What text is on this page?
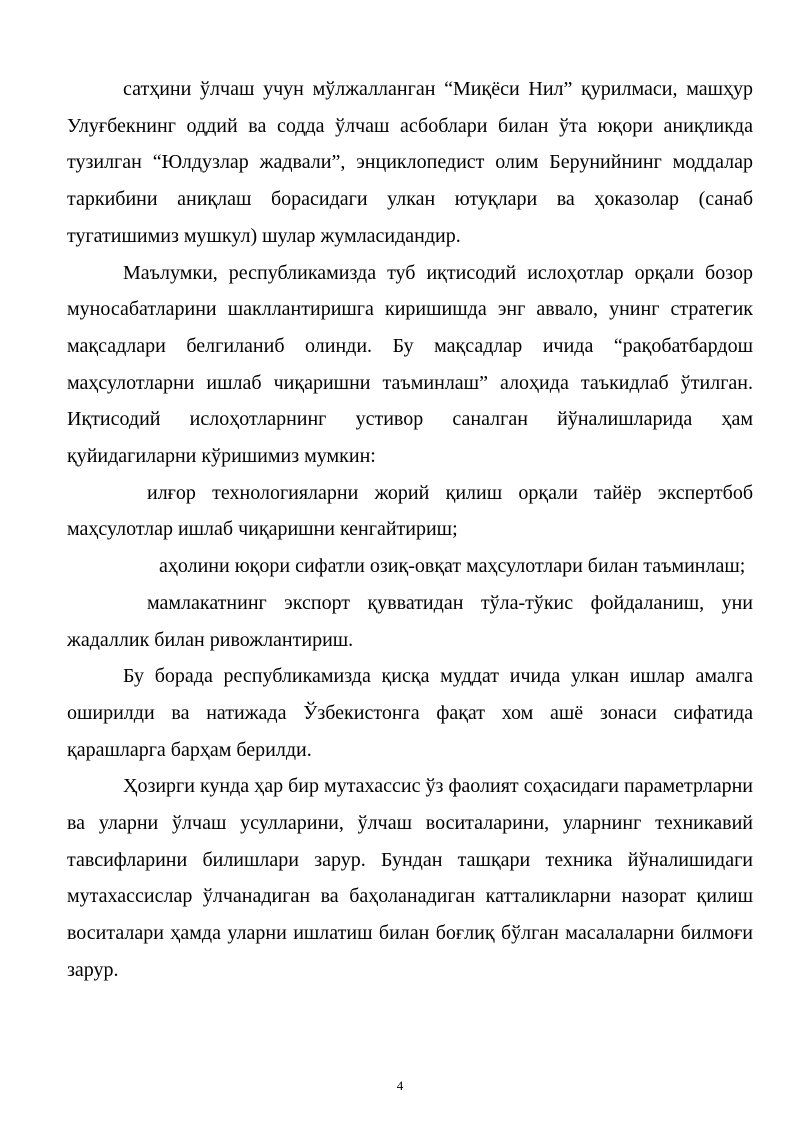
сатҳини ўлчаш учун мўлжалланган “Миқёси Нил” қурилмаси, машҳур Улуғбекнинг оддий ва содда ўлчаш асбоблари билан ўта юқори аниқликда тузилган “Юлдузлар жадвали”, энциклопедист олим Берунийнинг моддалар таркибини аниқлаш борасидаги улкан ютуқлари ва ҳоказолар (санаб тугатишимиз мушкул) шулар жумласидандир.

Маълумки, республикамизда туб иқтисодий ислоҳотлар орқали бозор муносабатларини шакллантиришга киришишда энг аввало, унинг стратегик мақсадлари белгиланиб олинди. Бу мақсадлар ичида “рақобатбардош маҳсулотларни ишлаб чиқаришни таъминлаш” алоҳида таъкидлаб ўтилган. Иқтисодий ислоҳотларнинг устивор саналган йўналишларида ҳам қуйидагиларни кўришимиз мумкин:

илғор технологияларни жорий қилиш орқали тайёр экспертбоб маҳсулотлар ишлаб чиқаришни кенгайтириш;

аҳолини юқори сифатли озиқ-овқат маҳсулотлари билан таъминлаш;

мамлакатнинг экспорт қувватидан тўла-тўкис фойдаланиш, уни жадаллик билан ривожлантириш.

Бу борада республикамизда қисқа муддат ичида улкан ишлар амалга оширилди ва натижада Ўзбекистонга фақат хом ашё зонаси сифатида қарашларга барҳам берилди.

Ҳозирги кунда ҳар бир мутахассис ўз фаолият соҳасидаги параметрларни ва уларни ўлчаш усулларини, ўлчаш воситаларини, уларнинг техникавий тавсифларини билишлари зарур. Бундан ташқари техника йўналишидаги мутахассислар ўлчанадиган ва баҳоланадиган катталикларни назорат қилиш воситалари ҳамда уларни ишлатиш билан боғлиқ бўлган масалаларни билмоғи зарур.

4
